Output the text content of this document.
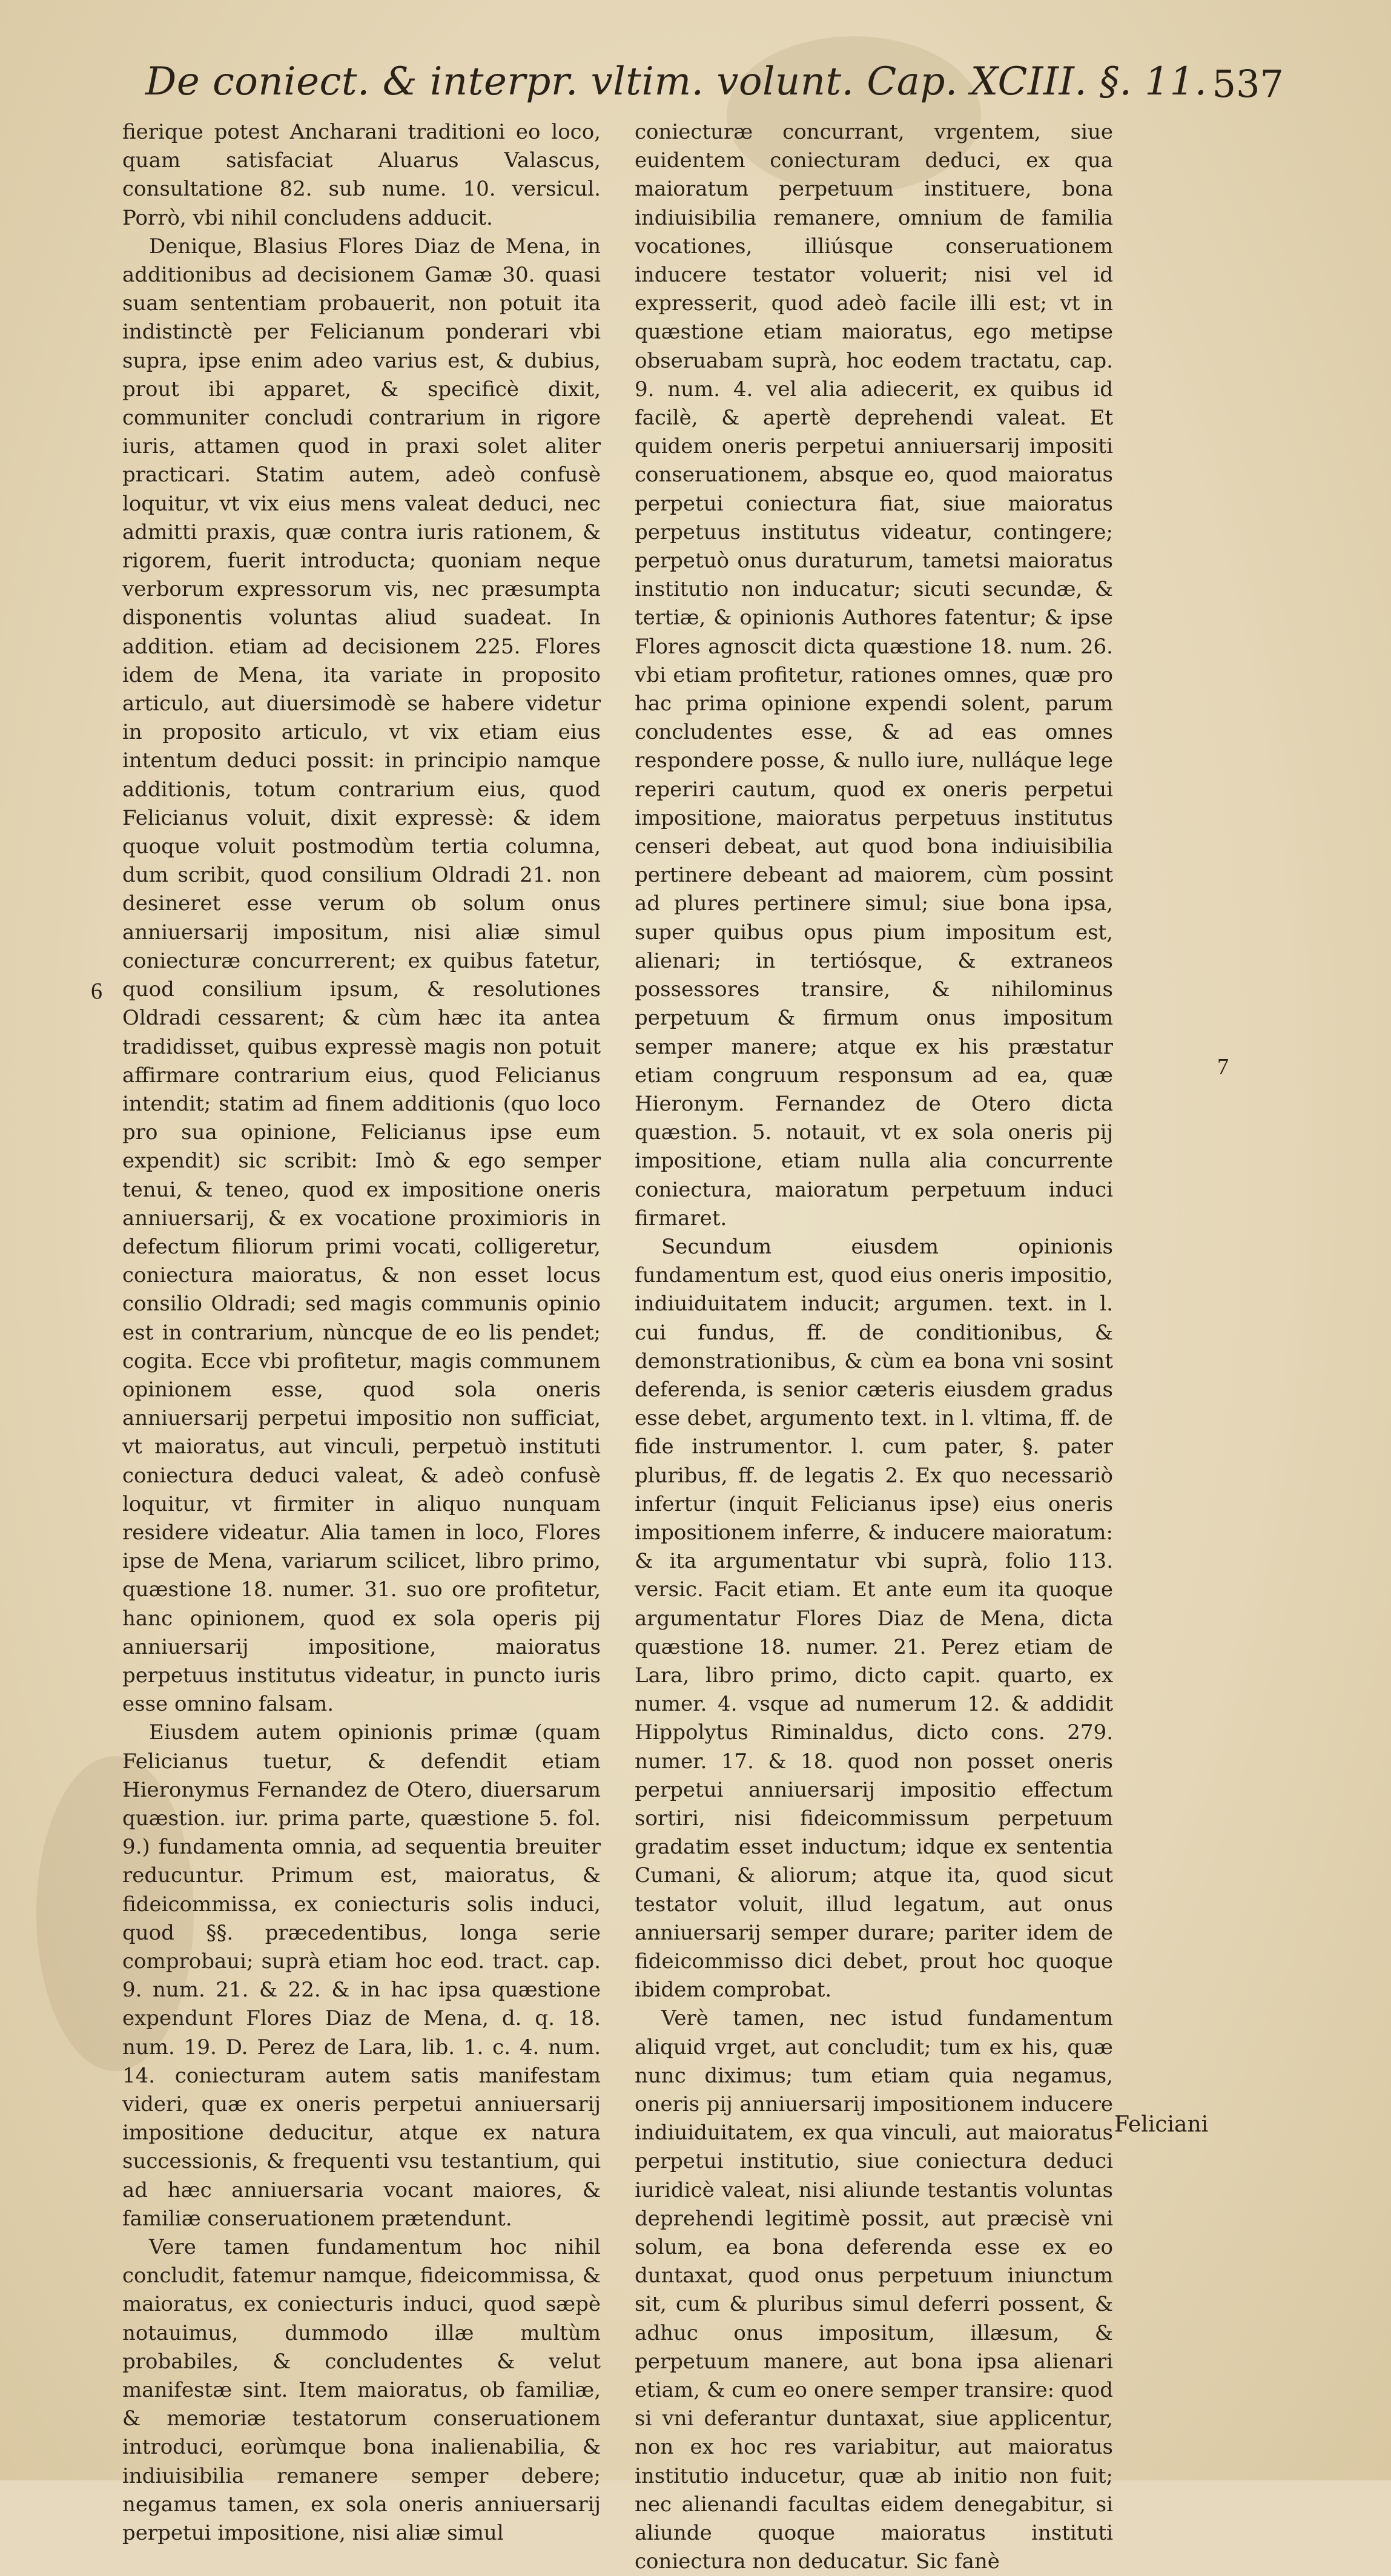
De coniect. & interpr. vltim. volunt. Cap. XCIII. §. 11. 537

fierique potest Ancharani traditioni eo loco, quam satisfaciat Aluarus Valascus, consultatione 82. sub nume. 10. versicul. Porrò, vbi nihil concludens adducit.

Denique, Blasius Flores Diaz de Mena, in additionibus ad decisionem Gamæ 30. quasi suam sententiam probauerit, non potuit ita indistinctè per Felicianum ponderari vbi supra, ipse enim adeo varius est, & dubius, prout ibi apparet, & specificè dixit, communiter concludi contrarium in rigore iuris, attamen quod in praxi solet aliter practicari. Statim autem, adeò confusè loquitur, vt vix eius mens valeat deduci, nec admitti praxis, quæ contra iuris rationem, & rigorem, fuerit introducta; quoniam neque verborum expressorum vis, nec præsumpta disponentis voluntas aliud suadeat. In addition. etiam ad decisionem 225. Flores idem de Mena, ita variate in proposito articulo, aut diuersimodè se habere videtur in proposito articulo, vt vix etiam eius intentum deduci possit: in principio namque additionis, totum contrarium eius, quod Felicianus voluit, dixit expressè: & idem quoque voluit postmodùm tertia columna, dum scribit, quod consilium Oldradi 21. non desineret esse verum ob solum onus anniuersarij impositum, nisi aliæ simul coniecturæ concurrerent; ex quibus fatetur, quod consilium ipsum, & resolutiones Oldradi cessarent; & cùm hæc ita antea tradidisset, quibus expressè magis non potuit affirmare contrarium eius, quod Felicianus intendit; statim ad finem additionis (quo loco pro sua opinione, Felicianus ipse eum expendit) sic scribit: Imò & ego semper tenui, & teneo, quod ex impositione oneris anniuersarij, & ex vocatione proximioris in defectum filiorum primi vocati, colligeretur, coniectura maioratus, & non esset locus consilio Oldradi; sed magis communis opinio est in contrarium, nùncque de eo lis pendet; cogita. Ecce vbi profitetur, magis communem opinionem esse, quod sola oneris anniuersarij perpetui impositio non sufficiat, vt maioratus, aut vinculi, perpetuò instituti coniectura deduci valeat, & adeò confusè loquitur, vt firmiter in aliquo nunquam residere videatur. Alia tamen in loco, Flores ipse de Mena, variarum scilicet, libro primo, quæstione 18. numer. 31. suo ore profitetur, hanc opinionem, quod ex sola operis pij anniuersarij impositione, maioratus perpetuus institutus videatur, in puncto iuris esse omnino falsam.

Eiusdem autem opinionis primæ (quam Felicianus tuetur, & defendit etiam Hieronymus Fernandez de Otero, diuersarum quæstion. iur. prima parte, quæstione 5. fol. 9.) fundamenta omnia, ad sequentia breuiter reducuntur. Primum est, maioratus, & fideicommissa, ex coniecturis solis induci, quod §§. præcedentibus, longa serie comprobaui; suprà etiam hoc eod. tract. cap. 9. num. 21. & 22. & in hac ipsa quæstione expendunt Flores Diaz de Mena, d. q. 18. num. 19. D. Perez de Lara, lib. 1. c. 4. num. 14. coniecturam autem satis manifestam videri, quæ ex oneris perpetui anniuersarij impositione deducitur, atque ex natura successionis, & frequenti vsu testantium, qui ad hæc anniuersaria vocant maiores, & familiæ conseruationem prætendunt.

Vere tamen fundamentum hoc nihil concludit, fatemur namque, fideicommissa, & maioratus, ex coniecturis induci, quod sæpè notauimus, dummodo illæ multùm probabiles, & concludentes & velut manifestæ sint. Item maioratus, ob familiæ, & memoriæ testatorum conseruationem introduci, eorùmque bona inalienabilia, & indiuisibilia remanere semper debere; negamus tamen, ex sola oneris anniuersarij perpetui impositione, nisi aliæ simul

coniecturæ concurrant, vrgentem, siue euidentem coniecturam deduci, ex qua maioratum perpetuum instituere, bona indiuisibilia remanere, omnium de familia vocationes, illiúsque conseruationem inducere testator voluerit; nisi vel id expresserit, quod adeò facile illi est; vt in quæstione etiam maioratus, ego metipse obseruabam suprà, hoc eodem tractatu, cap. 9. num. 4. vel alia adiecerit, ex quibus id facilè, & apertè deprehendi valeat. Et quidem oneris perpetui anniuersarij impositi conseruationem, absque eo, quod maioratus perpetui coniectura fiat, siue maioratus perpetuus institutus videatur, contingere; perpetuò onus duraturum, tametsi maioratus institutio non inducatur; sicuti secundæ, & tertiæ, & opinionis Authores fatentur; & ipse Flores agnoscit dicta quæstione 18. num. 26. vbi etiam profitetur, rationes omnes, quæ pro hac prima opinione expendi solent, parum concludentes esse, & ad eas omnes respondere posse, & nullo iure, nulláque lege reperiri cautum, quod ex oneris perpetui impositione, maioratus perpetuus institutus censeri debeat, aut quod bona indiuisibilia pertinere debeant ad maiorem, cùm possint ad plures pertinere simul; siue bona ipsa, super quibus opus pium impositum est, alienari; in tertiósque, & extraneos possessores transire, & nihilominus perpetuum & firmum onus impositum semper manere; atque ex his præstatur etiam congruum responsum ad ea, quæ Hieronym. Fernandez de Otero dicta quæstion. 5. notauit, vt ex sola oneris pij impositione, etiam nulla alia concurrente coniectura, maioratum perpetuum induci firmaret.

Secundum eiusdem opinionis fundamentum est, quod eius oneris impositio, indiuiduitatem inducit; argumen. text. in l. cui fundus, ff. de conditionibus, & demonstrationibus, & cùm ea bona vni sosint deferenda, is senior cæteris eiusdem gradus esse debet, argumento text. in l. vltima, ff. de fide instrumentor. l. cum pater, §. pater pluribus, ff. de legatis 2. Ex quo necessariò infertur (inquit Felicianus ipse) eius oneris impositionem inferre, & inducere maioratum: & ita argumentatur vbi suprà, folio 113. versic. Facit etiam. Et ante eum ita quoque argumentatur Flores Diaz de Mena, dicta quæstione 18. numer. 21. Perez etiam de Lara, libro primo, dicto capit. quarto, ex numer. 4. vsque ad numerum 12. & addidit Hippolytus Riminaldus, dicto cons. 279. numer. 17. & 18. quod non posset oneris perpetui anniuersarij impositio effectum sortiri, nisi fideicommissum perpetuum gradatim esset inductum; idque ex sententia Cumani, & aliorum; atque ita, quod sicut testator voluit, illud legatum, aut onus anniuersarij semper durare; pariter idem de fideicommisso dici debet, prout hoc quoque ibidem comprobat.

Verè tamen, nec istud fundamentum aliquid vrget, aut concludit; tum ex his, quæ nunc diximus; tum etiam quia negamus, oneris pij anniuersarij impositionem inducere indiuiduitatem, ex qua vinculi, aut maioratus perpetui institutio, siue coniectura deduci iuridicè valeat, nisi aliunde testantis voluntas deprehendi legitimè possit, aut præcisè vni solum, ea bona deferenda esse ex eo duntaxat, quod onus perpetuum iniunctum sit, cum & pluribus simul deferri possent, & adhuc onus impositum, illæsum, & perpetuum manere, aut bona ipsa alienari etiam, & cum eo onere semper transire: quod si vni deferantur duntaxat, siue applicentur, non ex hoc res variabitur, aut maioratus institutio inducetur, quæ ab initio non fuit; nec alienandi facultas eidem denegabitur, si aliunde quoque maioratus instituti coniectura non deducatur. Sic fanè

6
7
Feliciani
